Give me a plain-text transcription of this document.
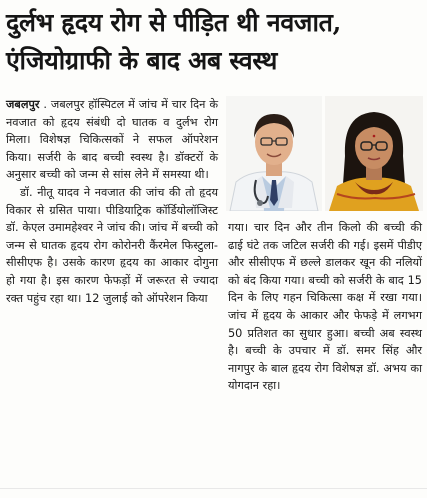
दुर्लभ हृदय रोग से पीड़ित थी नवजात,
एंजियोग्राफी के बाद अब स्वस्थ

जबलपुर . जबलपुर हॉस्पिटल में जांच में चार दिन के नवजात को हृदय संबंधी दो घातक व दुर्लभ रोग मिला। विशेषज्ञ चिकित्सकों ने सफल ऑपरेशन किया। सर्जरी के बाद बच्ची स्वस्थ है। डॉक्टरों के अनुसार बच्ची को जन्म से सांस लेने में समस्या थी।

डॉ. नीतू यादव ने नवजात की जांच की तो हृदय विकार से ग्रसित पाया। पीडियाट्रिक कॉर्डियोलॉजिस्ट डॉ. केएल उमामहेश्वर ने जांच की। जांच में बच्ची को जन्म से घातक हृदय रोग कोरोनरी कैंरमेल फिस्टुला-सीसीएफ है। उसके कारण हृदय का आकार दोगुना हो गया है। इस कारण फेफड़ों में जरूरत से ज्यादा रक्त पहुंच रहा था। 12 जुलाई को ऑपरेशन किया

गया। चार दिन और तीन किलो की बच्ची की ढाई घंटे तक जटिल सर्जरी की गई। इसमें पीडीए और सीसीएफ में छल्ले डालकर खून की नलियों को बंद किया गया। बच्ची को सर्जरी के बाद 15 दिन के लिए गहन चिकित्सा कक्ष में रखा गया। जांच में हृदय के आकार और फेफड़े में लगभग 50 प्रतिशत का सुधार हुआ। बच्ची अब स्वस्थ है। बच्ची के उपचार में डॉ. समर सिंह और नागपुर के बाल हृदय रोग विशेषज्ञ डॉ. अभय का योगदान रहा।
